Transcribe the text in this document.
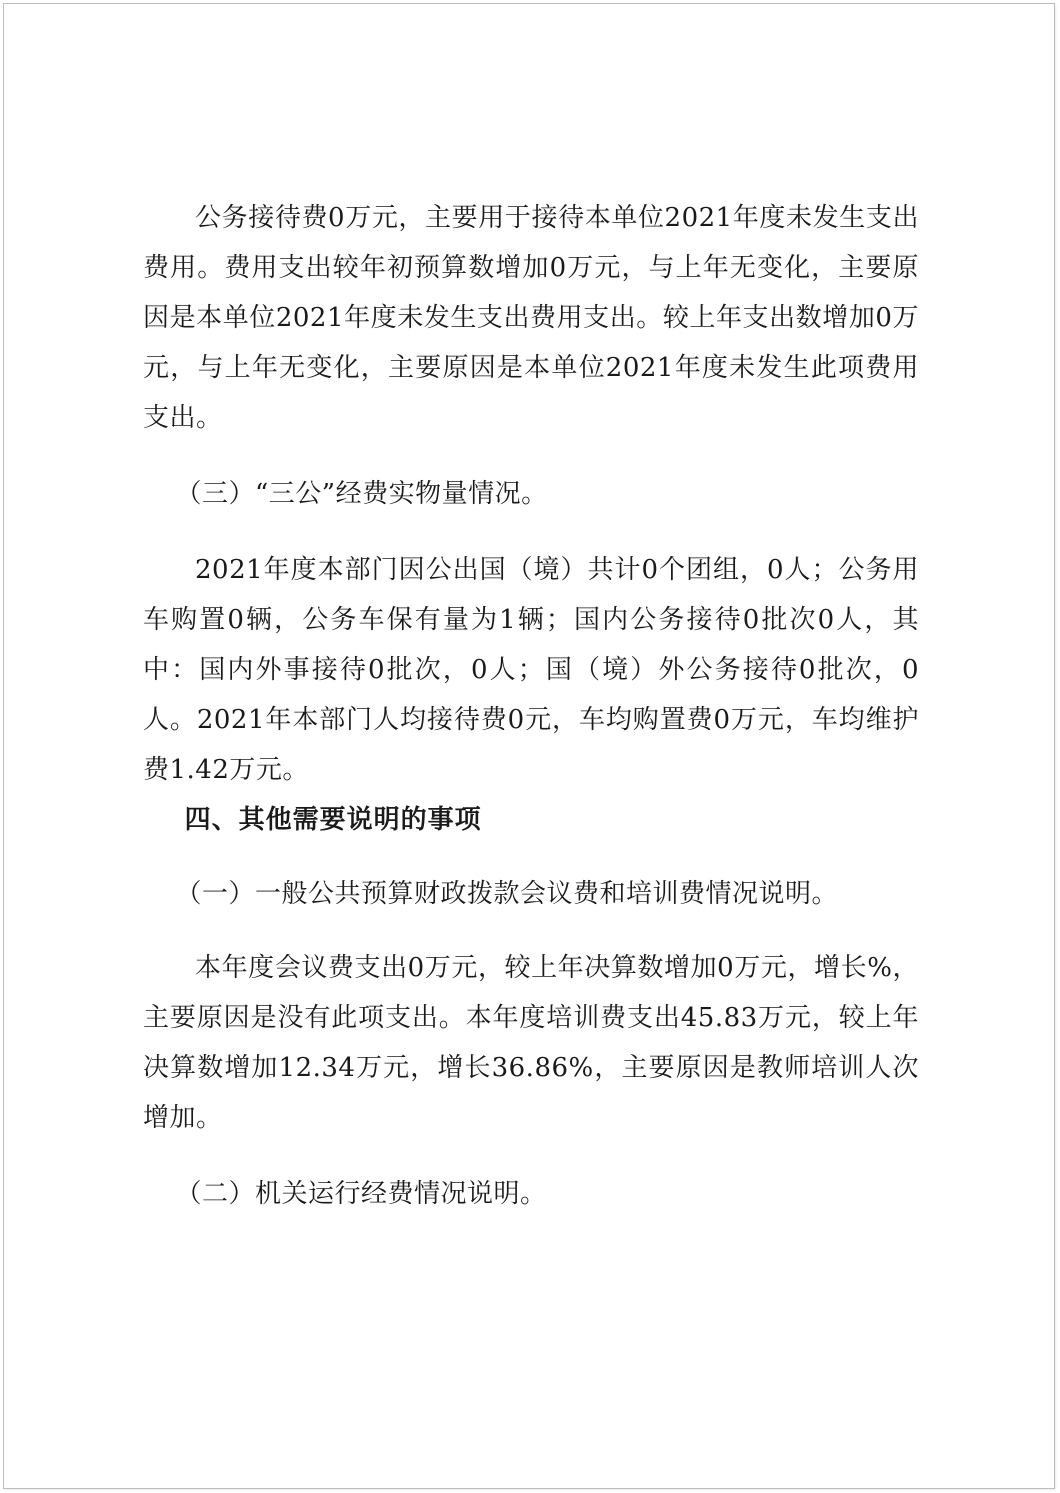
公务接待费0万元，主要用于接待本单位2021年度未发生支出费用。费用支出较年初预算数增加0万元，与上年无变化，主要原因是本单位2021年度未发生支出费用支出。较上年支出数增加0万元，与上年无变化，主要原因是本单位2021年度未发生此项费用支出。

（三）“三公”经费实物量情况。

2021年度本部门因公出国（境）共计0个团组，0人；公务用车购置0辆，公务车保有量为1辆；国内公务接待0批次0人，其中：国内外事接待0批次，0人；国（境）外公务接待0批次，0人。2021年本部门人均接待费0元，车均购置费0万元，车均维护费1.42万元。

四、其他需要说明的事项

（一）一般公共预算财政拨款会议费和培训费情况说明。

本年度会议费支出0万元，较上年决算数增加0万元，增长%，主要原因是没有此项支出。本年度培训费支出45.83万元，较上年决算数增加12.34万元，增长36.86%，主要原因是教师培训人次增加。

（二）机关运行经费情况说明。
